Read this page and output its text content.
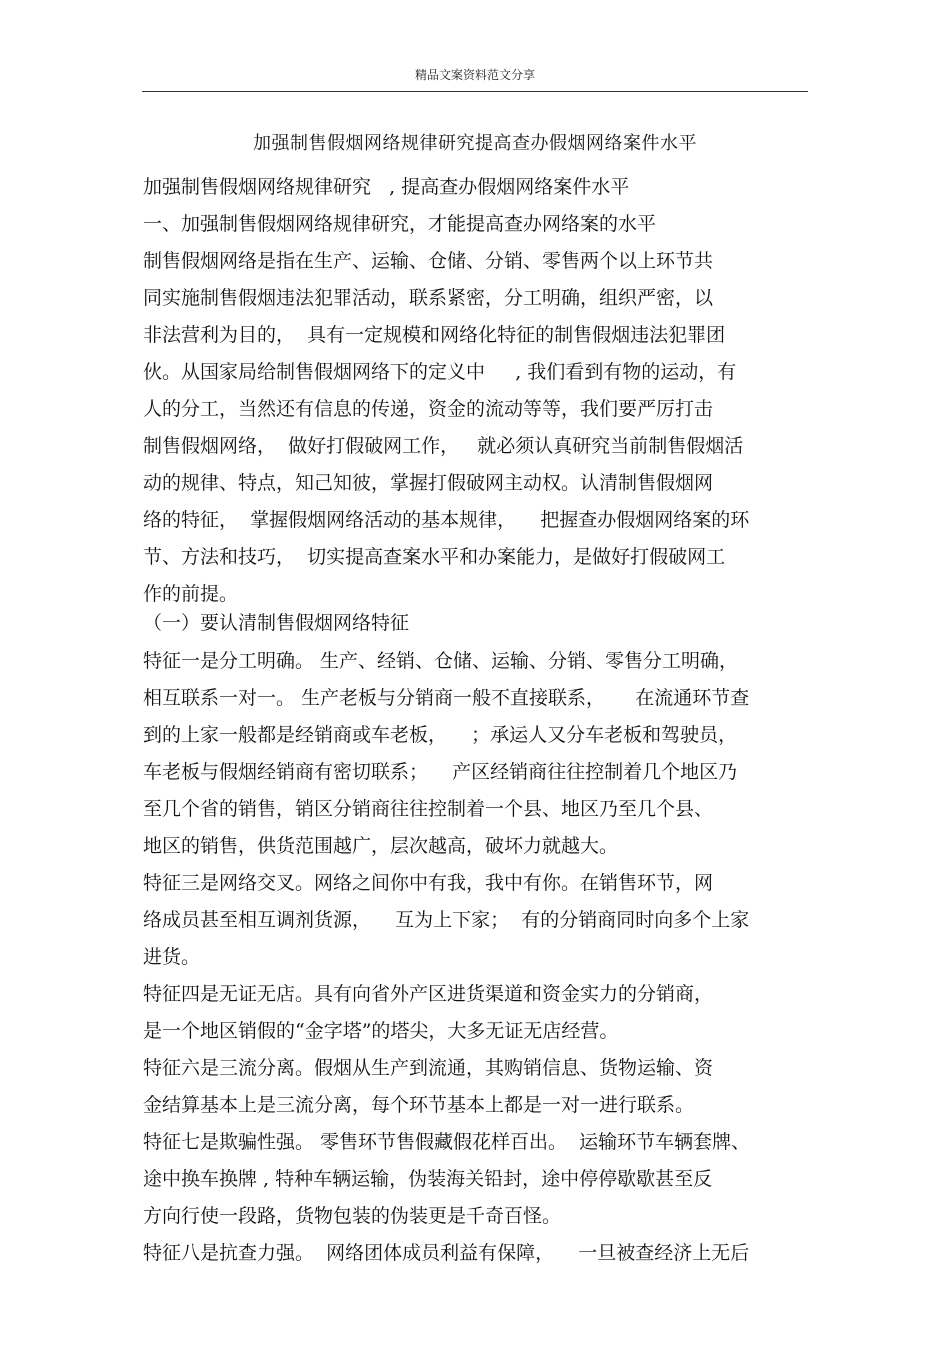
精品文案资料范文分享
加强制售假烟网络规律研究提高查办假烟网络案件水平
加强制售假烟网络规律研究   , 提高查办假烟网络案件水平
一、加强制售假烟网络规律研究，才能提高查办网络案的水平
制售假烟网络是指在生产、运输、仓储、分销、零售两个以上环节共
同实施制售假烟违法犯罪活动，联系紧密，分工明确，组织严密，以
非法营利为目的，  具有一定规模和网络化特征的制售假烟违法犯罪团
伙。从国家局给制售假烟网络下的定义中     , 我们看到有物的运动，有
人的分工，当然还有信息的传递，资金的流动等等，我们要严厉打击
制售假烟网络，  做好打假破网工作，   就必须认真研究当前制售假烟活
动的规律、特点，知己知彼，掌握打假破网主动权。认清制售假烟网
络的特征，  掌握假烟网络活动的基本规律，    把握查办假烟网络案的环
节、方法和技巧，  切实提高查案水平和办案能力，是做好打假破网工
作的前提。
（一）要认清制售假烟网络特征
特征一是分工明确。 生产、经销、仓储、运输、分销、零售分工明确，
相互联系一对一。 生产老板与分销商一般不直接联系，     在流通环节查
到的上家一般都是经销商或车老板，    ；承运人又分车老板和驾驶员，
车老板与假烟经销商有密切联系；    产区经销商往往控制着几个地区乃
至几个省的销售，销区分销商往往控制着一个县、地区乃至几个县、
地区的销售，供货范围越广，层次越高，破坏力就越大。
特征三是网络交叉。网络之间你中有我，我中有你。在销售环节，网
络成员甚至相互调剂货源，    互为上下家；  有的分销商同时向多个上家
进货。
特征四是无证无店。具有向省外产区进货渠道和资金实力的分销商，
是一个地区销假的“金字塔”的塔尖，大多无证无店经营。
特征六是三流分离。假烟从生产到流通，其购销信息、货物运输、资
金结算基本上是三流分离，每个环节基本上都是一对一进行联系。
特征七是欺骗性强。 零售环节售假藏假花样百出。  运输环节车辆套牌、
途中换车换牌 , 特种车辆运输，伪装海关铅封，途中停停歇歇甚至反
方向行使一段路，货物包装的伪装更是千奇百怪。
特征八是抗查力强。  网络团体成员利益有保障，    一旦被查经济上无后
